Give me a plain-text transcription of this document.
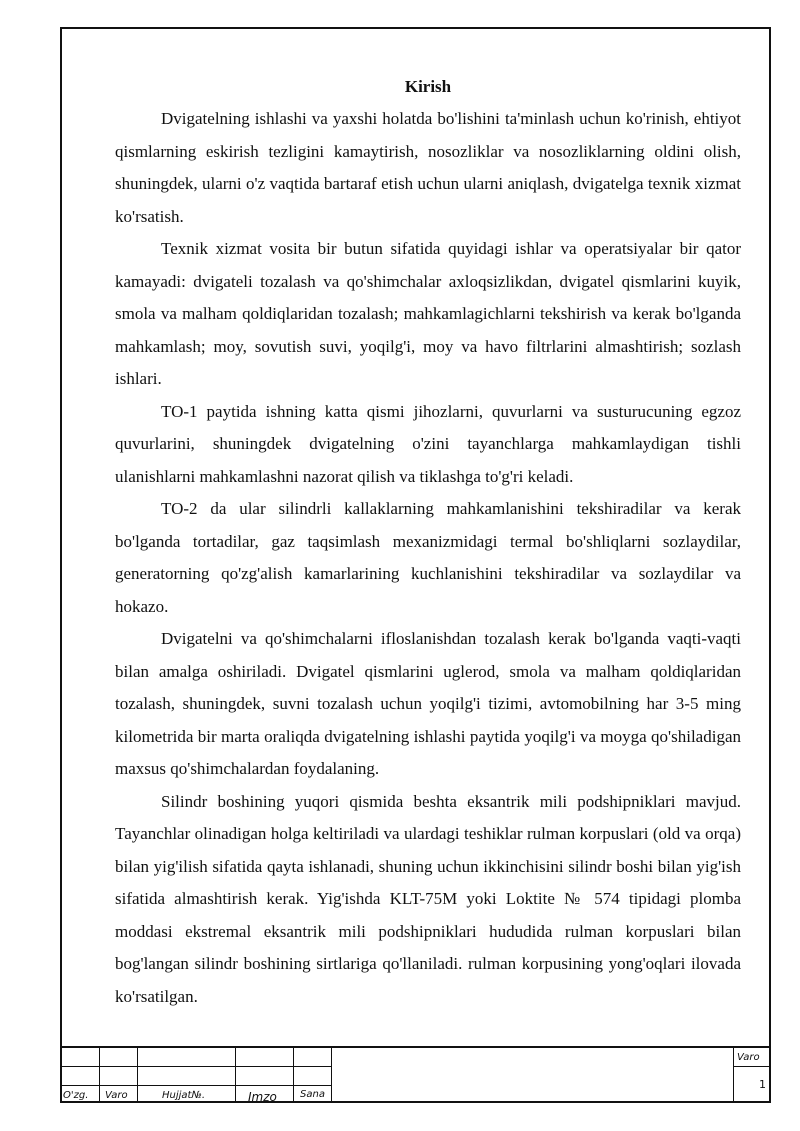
Kirish

Dvigatelning ishlashi va yaxshi holatda bo'lishini ta'minlash uchun ko'rinish, ehtiyot qismlarning eskirish tezligini kamaytirish, nosozliklar va nosozliklarning oldini olish, shuningdek, ularni o'z vaqtida bartaraf etish uchun ularni aniqlash, dvigatelga texnik xizmat ko'rsatish.

Texnik xizmat vosita bir butun sifatida quyidagi ishlar va operatsiyalar bir qator kamayadi: dvigateli tozalash va qo'shimchalar axloqsizlikdan, dvigatel qismlarini kuyik, smola va malham qoldiqlaridan tozalash; mahkamlagichlarni tekshirish va kerak bo'lganda mahkamlash; moy, sovutish suvi, yoqilg'i, moy va havo filtrlarini almashtirish; sozlash ishlari.

TO-1 paytida ishning katta qismi jihozlarni, quvurlarni va susturucuning egzoz quvurlarini, shuningdek dvigatelning o'zini tayanchlarga mahkamlaydigan tishli ulanishlarni mahkamlashni nazorat qilish va tiklashga to'g'ri keladi.

TO-2 da ular silindrli kallaklarning mahkamlanishini tekshiradilar va kerak bo'lganda tortadilar, gaz taqsimlash mexanizmidagi termal bo'shliqlarni sozlaydilar, generatorning qo'zg'alish kamarlarining kuchlanishini tekshiradilar va sozlaydilar va hokazo.

Dvigatelni va qo'shimchalarni ifloslanishdan tozalash kerak bo'lganda vaqti-vaqti bilan amalga oshiriladi. Dvigatel qismlarini uglerod, smola va malham qoldiqlaridan tozalash, shuningdek, suvni tozalash uchun yoqilg'i tizimi, avtomobilning har 3-5 ming kilometrida bir marta oraliqda dvigatelning ishlashi paytida yoqilg'i va moyga qo'shiladigan maxsus qo'shimchalardan foydalaning.

Silindr boshining yuqori qismida beshta eksantrik mili podshipniklari mavjud. Tayanchlar olinadigan holga keltiriladi va ulardagi teshiklar rulman korpuslari (old va orqa) bilan yig'ilish sifatida qayta ishlanadi, shuning uchun ikkinchisini silindr boshi bilan yig'ish sifatida almashtirish kerak. Yig'ishda KLT-75M yoki Loktite № 574 tipidagi plomba moddasi ekstremal eksantrik mili podshipniklari hududida rulman korpuslari bilan bog'langan silindr boshining sirtlariga qo'llaniladi. rulman korpusining yong'oqlari ilovada ko'rsatilgan.

O'zg. Varo	Hujjat№.	Imzo Sana
Varo
1
